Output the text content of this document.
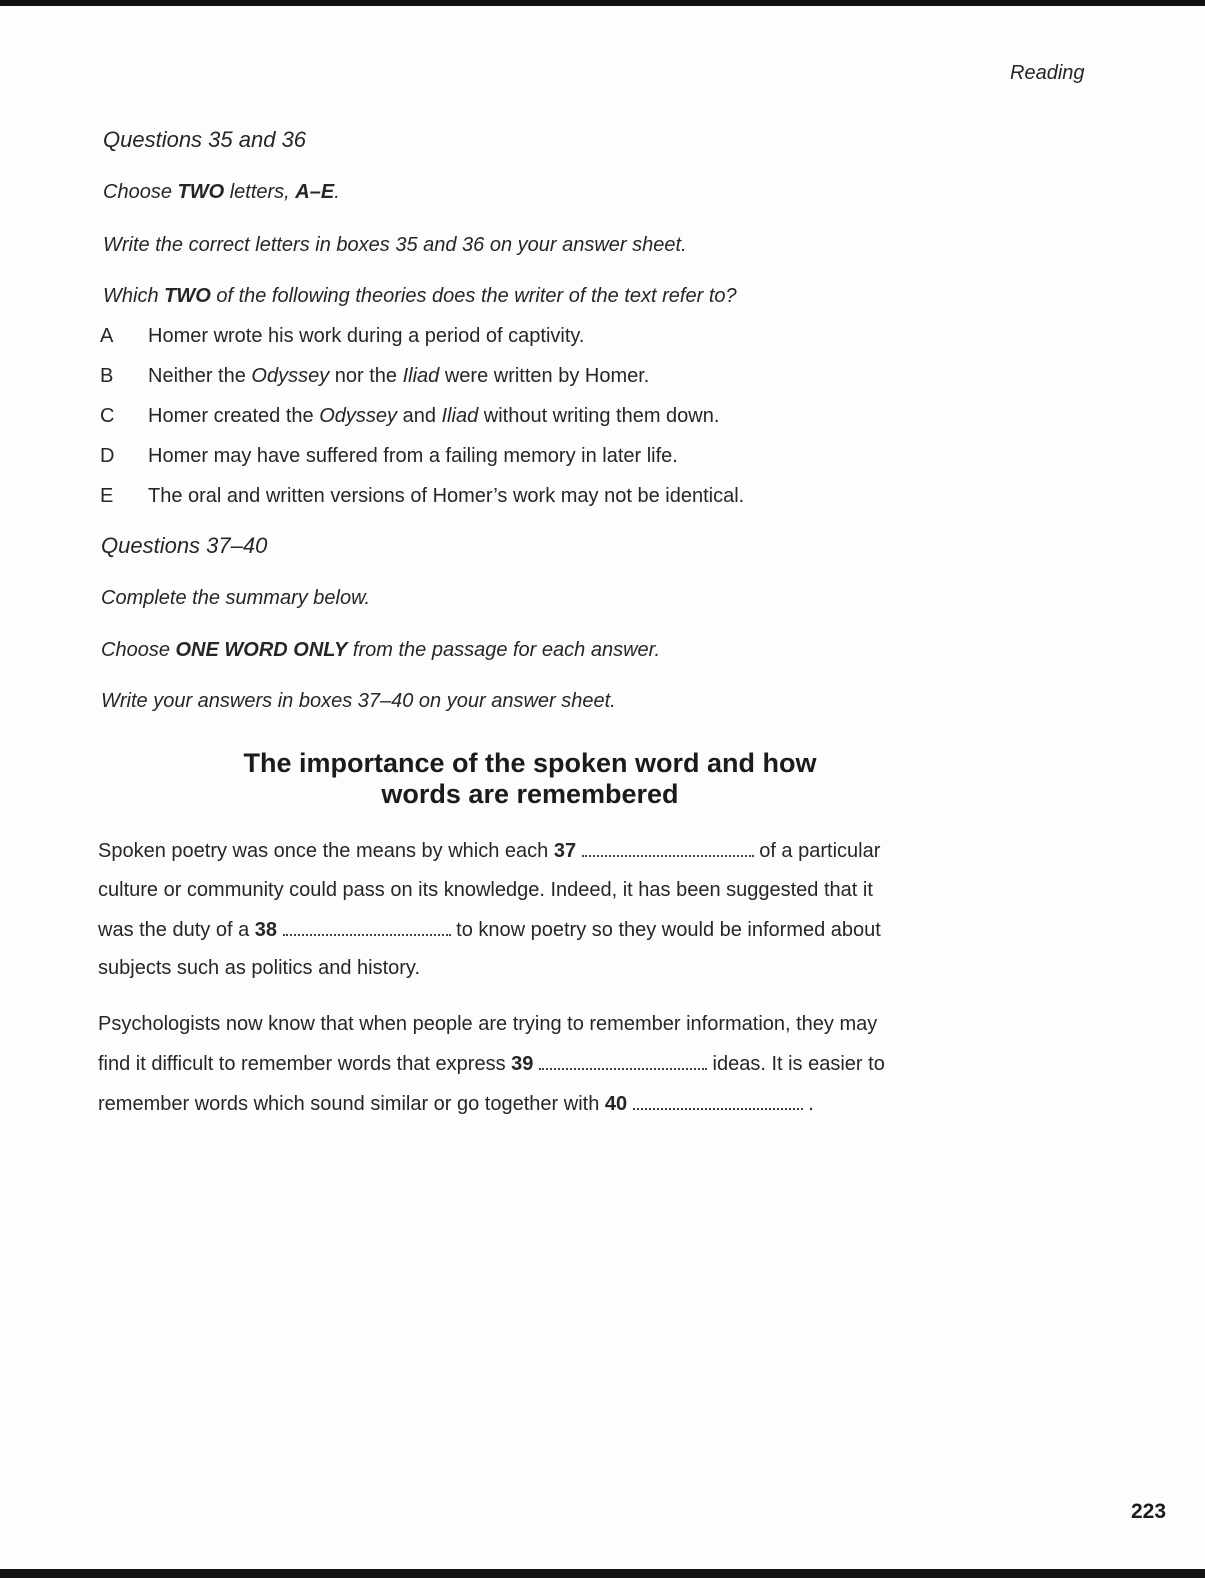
Reading
Questions 35 and 36
Choose TWO letters, A–E.
Write the correct letters in boxes 35 and 36 on your answer sheet.
Which TWO of the following theories does the writer of the text refer to?
A Homer wrote his work during a period of captivity.
B Neither the Odyssey nor the Iliad were written by Homer.
C Homer created the Odyssey and Iliad without writing them down.
D Homer may have suffered from a failing memory in later life.
E The oral and written versions of Homer’s work may not be identical.
Questions 37–40
Complete the summary below.
Choose ONE WORD ONLY from the passage for each answer.
Write your answers in boxes 37–40 on your answer sheet.
The importance of the spoken word and how
words are remembered
Spoken poetry was once the means by which each 37	of a particular
culture or community could pass on its knowledge. Indeed, it has been suggested that it
was the duty of a 38	to know poetry so they would be informed about
subjects such as politics and history.
Psychologists now know that when people are trying to remember information, they may
find it difficult to remember words that express 39	ideas. It is easier to
remember words which sound similar or go together with 40	.
223
